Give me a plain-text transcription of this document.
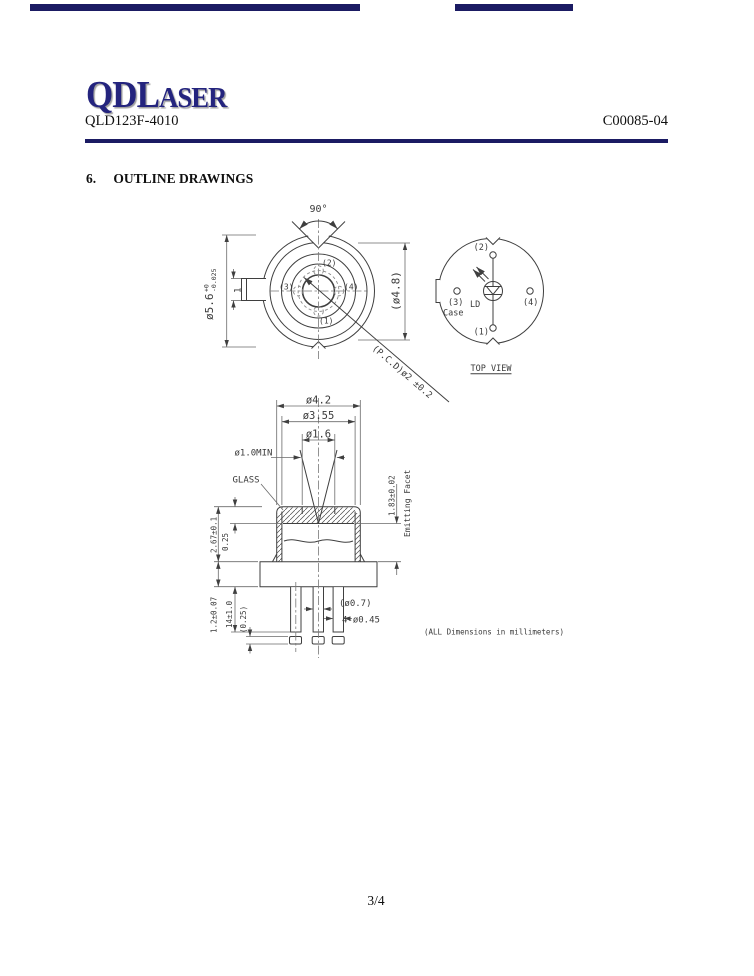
QDLASER
QLD123F-4010	C00085-04
6. OUTLINE DRAWINGS
(2)
(3)	(4)
(1)
90°
ø5.6
+0 -0.025 1	(ø4.8)
(P.C.D)ø2 ±0.2
(2)
(1)
(3)
Case
(4)
LD
TOP VIEW
ø4.2
ø3.55
ø1.6
ø1.0MIN
GLASS
2.67±0.1 0.25
1.2±0.07 14±1.0 (0.25)
1.83±0.02 Emitting Facet
(ø0.7)
4-ø0.45
(ALL Dimensions in millimeters)
3/4
